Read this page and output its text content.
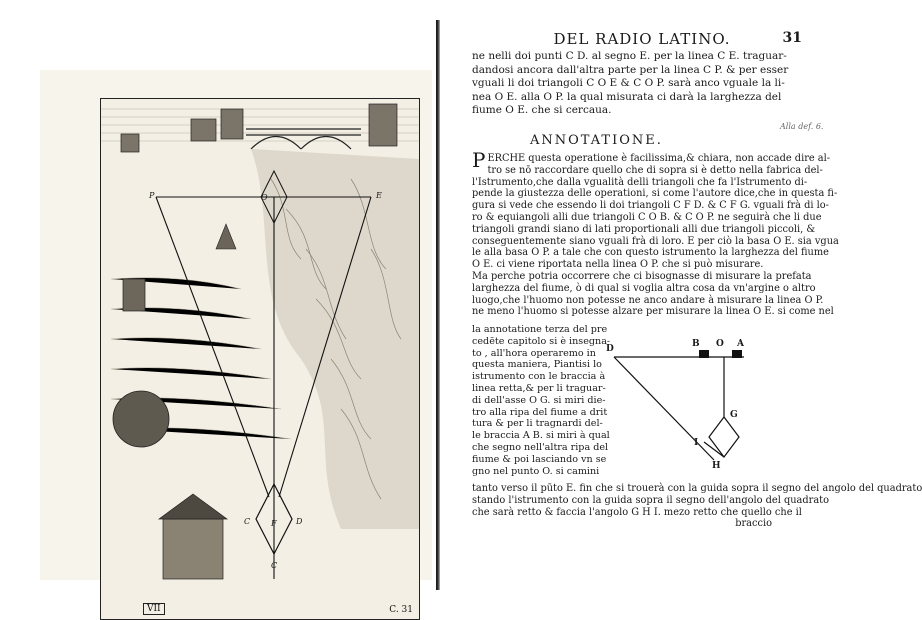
P	O	E
C	F D
C
VII	C. 31
DEL RADIO LATINO.	31
ne nelli doi punti C D. al segno E. per la linea C E. traguar-
dandosi ancora dall'altra parte per la linea C P. & per esser
vguali li doi triangoli C O E & C O P. sarà anco vguale la li-
nea O E. alla O P. la qual misurata ci darà la larghezza del
fiume O E. che si cercaua.
ANNOTATIONE.
Alla def. 6.
PERCHE questa operatione è facilissima,& chiara, non accade dire al-
tro se nō raccordare quello che di sopra si è detto nella fabrica del-
l'Istrumento,che dalla vgualità delli triangoli che fa l'Istrumento di-
pende la giustezza delle operationi, si come l'autore dice,che in questa fi-
gura si vede che essendo li doi triangoli C F D. & C F G. vguali frà di lo-
ro & equiangoli alli due triangoli C O B. & C O P. ne seguirà che li due
triangoli grandi siano di lati proportionali alli due triangoli piccoli, &
conseguentemente siano vguali frà di loro. E per ciò la basa O E. sia vgua
le alla basa O P. a tale che con questo istrumento la larghezza del fiume
O E. ci viene riportata nella linea O P. che si può misurare.
Ma perche potria occorrere che ci bisognasse di misurare la prefata
larghezza del fiume, ò di qual si voglia altra cosa da vn'argine o altro
luogo,che l'huomo non potesse ne anco andare à misurare la linea O P.
ne meno l'huomo si potesse alzare per misurare la linea O E. si come nel
la annotatione terza del pre
cedēte capitolo si è insegna-
to , all'hora operaremo in
questa maniera, Piantisi lo
istrumento con le braccia à
linea retta,& per li traguar-
di dell'asse O G. si miri die-
tro alla ripa del fiume a drit
tura & per li tragnardi del-
le braccia A B. si miri à qual
che segno nell'altra ripa del
fiume & poi lasciando vn se
gno nel punto O. si camini
D	B O A
G
I
H
tanto verso il pūto E. fin che si trouerà con la guida sopra il segno del angolo del quadrato
stando l'istrumento con la guida sopra il segno dell'angolo del quadrato
che sarà retto & faccia l'angolo G H I. mezo retto che quello che il
braccio
